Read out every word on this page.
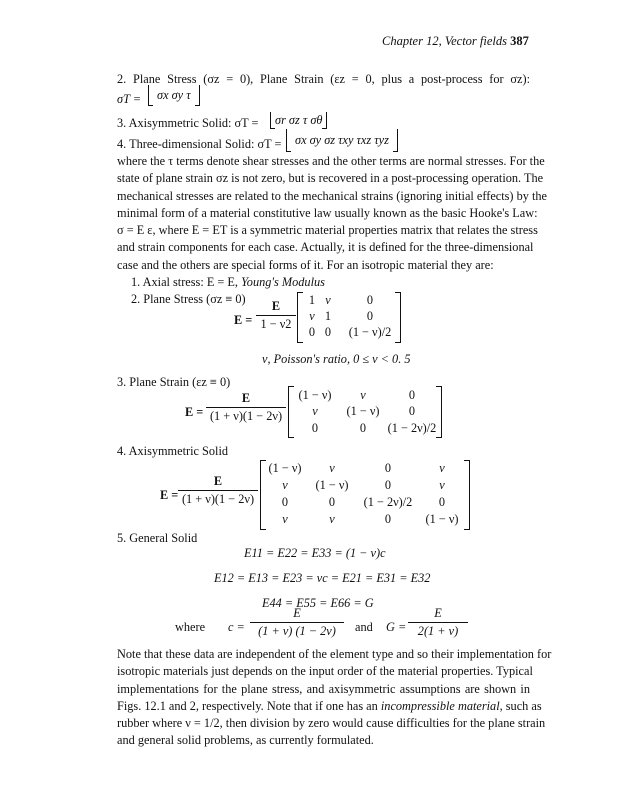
Chapter 12, Vector fields 387
2. Plane Stress (σz = 0), Plane Strain (εz = 0, plus a post-process for σz):
σT =	σx σy τ
3. Axisymmetric Solid: σT =	σr σz τ σθ
4. Three-dimensional Solid: σT =	σx σy σz τxy τxz τyz
where the τ terms denote shear stresses and the other terms are normal stresses. For the
state of plane strain σz is not zero, but is recovered in a post-processing operation. The
mechanical stresses are related to the mechanical strains (ignoring initial effects) by the
minimal form of a material constitutive law usually known as the basic Hooke's Law:
σ = E ε, where E = ET is a symmetric material properties matrix that relates the stress
and strain components for each case. Actually, it is defined for the three-dimensional
case and the others are special forms of it. For an isotropic material they are:
1. Axial stress: E = E, Young's Modulus
2. Plane Stress (σz ≡ 0)
E =
E
1 − ν2
1 ν	0
ν 1	0
0 0	(1 − ν)/2
ν, Poisson's ratio, 0 ≤ ν < 0. 5
3. Plane Strain (εz ≡ 0)
E =
E
(1 + ν)(1 − 2ν)
(1 − ν)	ν	0
ν	(1 − ν)	0
0	0	(1 − 2ν)/2
4. Axisymmetric Solid
E =
E
(1 + ν)(1 − 2ν)
(1 − ν)	ν	0	ν
ν	(1 − ν)	0	ν
0	0	(1 − 2ν)/2	0
ν	ν	0	(1 − ν)
5. General Solid
E11 = E22 = E33 = (1 − ν)c
E12 = E13 = E23 = νc = E21 = E31 = E32
E44 = E55 = E66 = G
where c =
E
(1 + ν) (1 − 2ν)	and G =
E
2(1 + ν)
Note that these data are independent of the element type and so their implementation for
isotropic materials just depends on the input order of the material properties. Typical
implementations for the plane stress, and axisymmetric assumptions are shown in
Figs. 12.1 and 2, respectively. Note that if one has an incompressible material, such as
rubber where ν = 1/2, then division by zero would cause difficulties for the plane strain
and general solid problems, as currently formulated.
